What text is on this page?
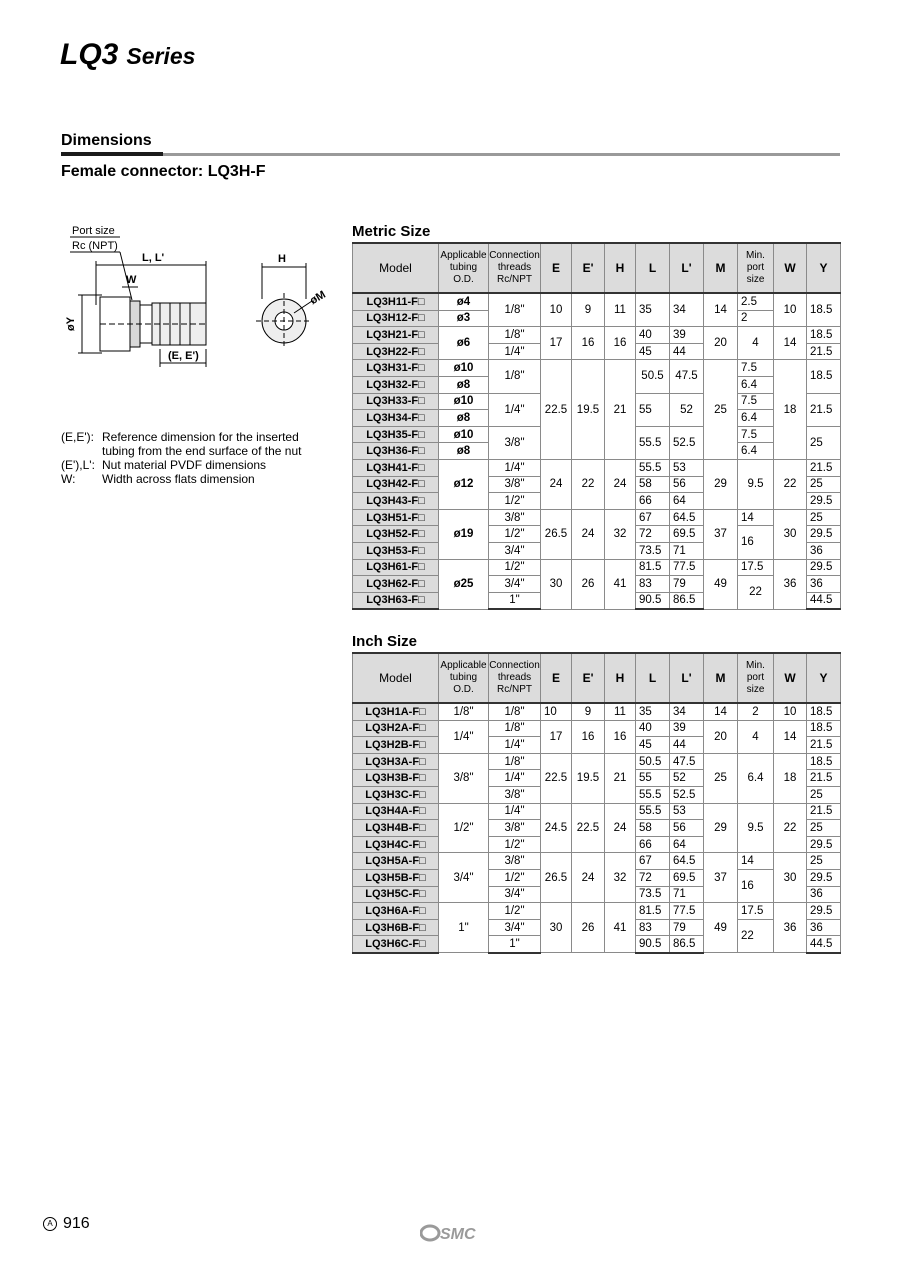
LQ3 Series
Dimensions
Female connector: LQ3H-F
Port size
Rc (NPT)
L, L'
W
øY
(E, E')
H
øM
(E,E'): Reference dimension for the inserted tubing from the end surface of the nut
(E'),L': Nut material PVDF dimensions
W:	Width across flats dimension
Metric Size
Model	Applicable tubing O.D.	Connection threads Rc/NPT	E	E'	H	L	L'	M	Min. port size	W	Y
LQ3H11-F□	ø4	1/8"	10	9	11	35	34	14	2.5	10	18.5
LQ3H12-F□	ø3								2		
LQ3H21-F□	ø6	1/8"	17	16	16	40	39	20	4	14	18.5
LQ3H22-F□		1/4"				45	44				21.5
LQ3H31-F□	ø10	1/8"	22.5	19.5	21	50.5	47.5	25	7.5	18	18.5
LQ3H32-F□	ø8								6.4		
LQ3H33-F□	ø10	1/4"				55	52		7.5		21.5
LQ3H34-F□	ø8								6.4		
LQ3H35-F□	ø10	3/8"				55.5	52.5		7.5		25
LQ3H36-F□	ø8								6.4		
LQ3H41-F□	ø12	1/4"	24	22	24	55.5	53	29	9.5	22	21.5
LQ3H42-F□		3/8"				58	56				25
LQ3H43-F□		1/2"				66	64				29.5
LQ3H51-F□	ø19	3/8"	26.5	24	32	67	64.5	37	14	30	25
LQ3H52-F□		1/2"				72	69.5		16		29.5
LQ3H53-F□		3/4"				73.5	71				36
LQ3H61-F□	ø25	1/2"	30	26	41	81.5	77.5	49	17.5	36	29.5
LQ3H62-F□		3/4"				83	79		22		36
LQ3H63-F□		1"				90.5	86.5				44.5
Inch Size
Model	Applicable tubing O.D.	Connection threads Rc/NPT	E	E'	H	L	L'	M	Min. port size	W	Y
LQ3H1A-F□	1/8"	1/8"	10	9	11	35	34	14	2	10	18.5
LQ3H2A-F□	1/4"	1/8"	17	16	16	40	39	20	4	14	18.5
LQ3H2B-F□		1/4"				45	44				21.5
LQ3H3A-F□	3/8"	1/8"	22.5	19.5	21	50.5	47.5	25	6.4	18	18.5
LQ3H3B-F□		1/4"				55	52				21.5
LQ3H3C-F□		3/8"				55.5	52.5				25
LQ3H4A-F□	1/2"	1/4"	24.5	22.5	24	55.5	53	29	9.5	22	21.5
LQ3H4B-F□		3/8"				58	56				25
LQ3H4C-F□		1/2"				66	64				29.5
LQ3H5A-F□	3/4"	3/8"	26.5	24	32	67	64.5	37	14	30	25
LQ3H5B-F□		1/2"				72	69.5		16		29.5
LQ3H5C-F□		3/4"				73.5	71				36
LQ3H6A-F□	1"	1/2"	30	26	41	81.5	77.5	49	17.5	36	29.5
LQ3H6B-F□		3/4"				83	79		22		36
LQ3H6C-F□		1"				90.5	86.5				44.5
A 916
SMC
